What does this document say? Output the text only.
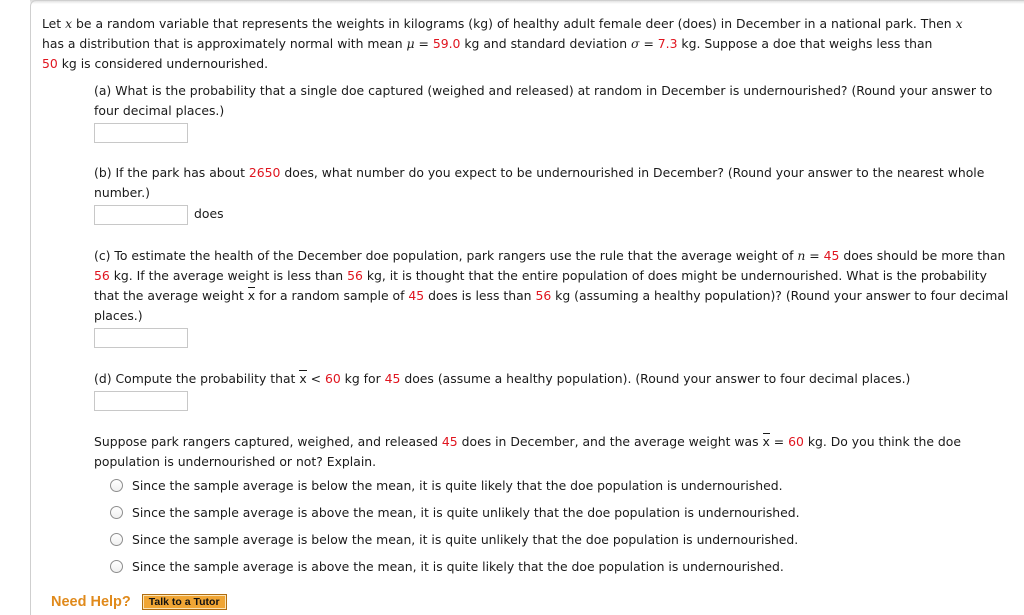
Let x be a random variable that represents the weights in kilograms (kg) of healthy adult female deer (does) in December in a national park. Then x
has a distribution that is approximately normal with mean μ = 59.0 kg and standard deviation σ = 7.3 kg. Suppose a doe that weighs less than
50 kg is considered undernourished.

(a) What is the probability that a single doe captured (weighed and released) at random in December is undernourished? (Round your answer to four decimal places.)

(b) If the park has about 2650 does, what number do you expect to be undernourished in December? (Round your answer to the nearest whole number.)

does

(c) To estimate the health of the December doe population, park rangers use the rule that the average weight of n = 45 does should be more than 56 kg. If the average weight is less than 56 kg, it is thought that the entire population of does might be undernourished. What is the probability that the average weight x for a random sample of 45 does is less than 56 kg (assuming a healthy population)? (Round your answer to four decimal places.)

(d) Compute the probability that x < 60 kg for 45 does (assume a healthy population). (Round your answer to four decimal places.)

Suppose park rangers captured, weighed, and released 45 does in December, and the average weight was x = 60 kg. Do you think the doe population is undernourished or not? Explain.

Since the sample average is below the mean, it is quite likely that the doe population is undernourished.
Since the sample average is above the mean, it is quite unlikely that the doe population is undernourished.
Since the sample average is below the mean, it is quite unlikely that the doe population is undernourished.
Since the sample average is above the mean, it is quite likely that the doe population is undernourished.
Need Help?	Talk to a Tutor
